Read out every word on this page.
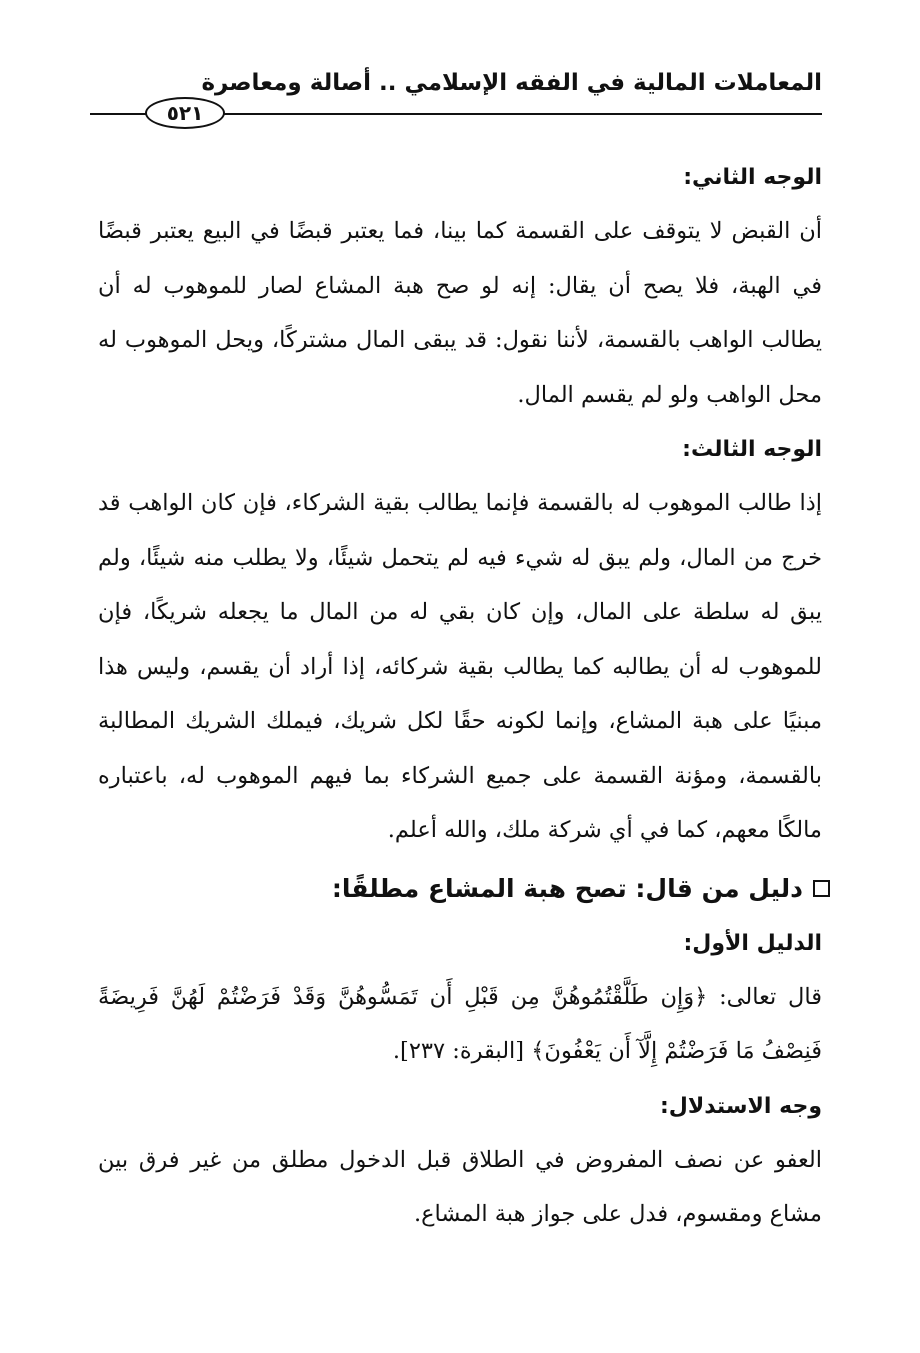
المعاملات المالية في الفقه الإسلامي .. أصالة ومعاصرة
٥٢١
الوجه الثاني:

أن القبض لا يتوقف على القسمة كما بينا، فما يعتبر قبضًا في البيع يعتبر قبضًا في الهبة، فلا يصح أن يقال: إنه لو صح هبة المشاع لصار للموهوب له أن يطالب الواهب بالقسمة، لأننا نقول: قد يبقى المال مشتركًا، ويحل الموهوب له محل الواهب ولو لم يقسم المال.

الوجه الثالث:

إذا طالب الموهوب له بالقسمة فإنما يطالب بقية الشركاء، فإن كان الواهب قد خرج من المال، ولم يبق له شيء فيه لم يتحمل شيئًا، ولا يطلب منه شيئًا، ولم يبق له سلطة على المال، وإن كان بقي له من المال ما يجعله شريكًا، فإن للموهوب له أن يطالبه كما يطالب بقية شركائه، إذا أراد أن يقسم، وليس هذا مبنيًا على هبة المشاع، وإنما لكونه حقًا لكل شريك، فيملك الشريك المطالبة بالقسمة، ومؤنة القسمة على جميع الشركاء بما فيهم الموهوب له، باعتباره مالكًا معهم، كما في أي شركة ملك، والله أعلم.

دليل من قال: تصح هبة المشاع مطلقًا:
الدليل الأول:

قال تعالى: ﴿وَإِن طَلَّقْتُمُوهُنَّ مِن قَبْلِ أَن تَمَسُّوهُنَّ وَقَدْ فَرَضْتُمْ لَهُنَّ فَرِيضَةً فَنِصْفُ مَا فَرَضْتُمْ إِلَّآ أَن يَعْفُونَ﴾ [البقرة: ٢٣٧].

وجه الاستدلال:

العفو عن نصف المفروض في الطلاق قبل الدخول مطلق من غير فرق بين مشاع ومقسوم، فدل على جواز هبة المشاع.
